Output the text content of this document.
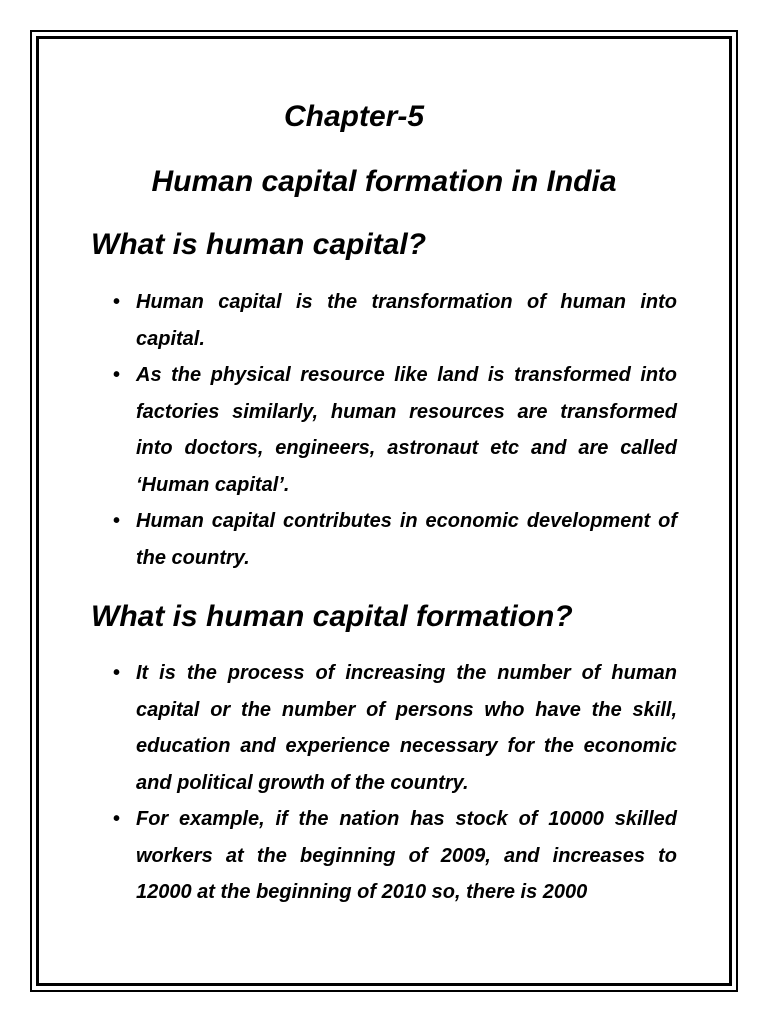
Chapter-5
Human capital formation in India
What is human capital?
• Human capital is the transformation of human into capital.
• As the physical resource like land is transformed into factories similarly, human resources are transformed into doctors, engineers, astronaut etc and are called ‘Human capital’.
• Human capital contributes in economic development of the country.
What is human capital formation?
• It is the process of increasing the number of human capital or the number of persons who have the skill, education and experience necessary for the economic and political growth of the country.
• For example, if the nation has stock of 10000 skilled workers at the beginning of 2009, and increases to 12000 at the beginning of 2010 so, there is 2000
